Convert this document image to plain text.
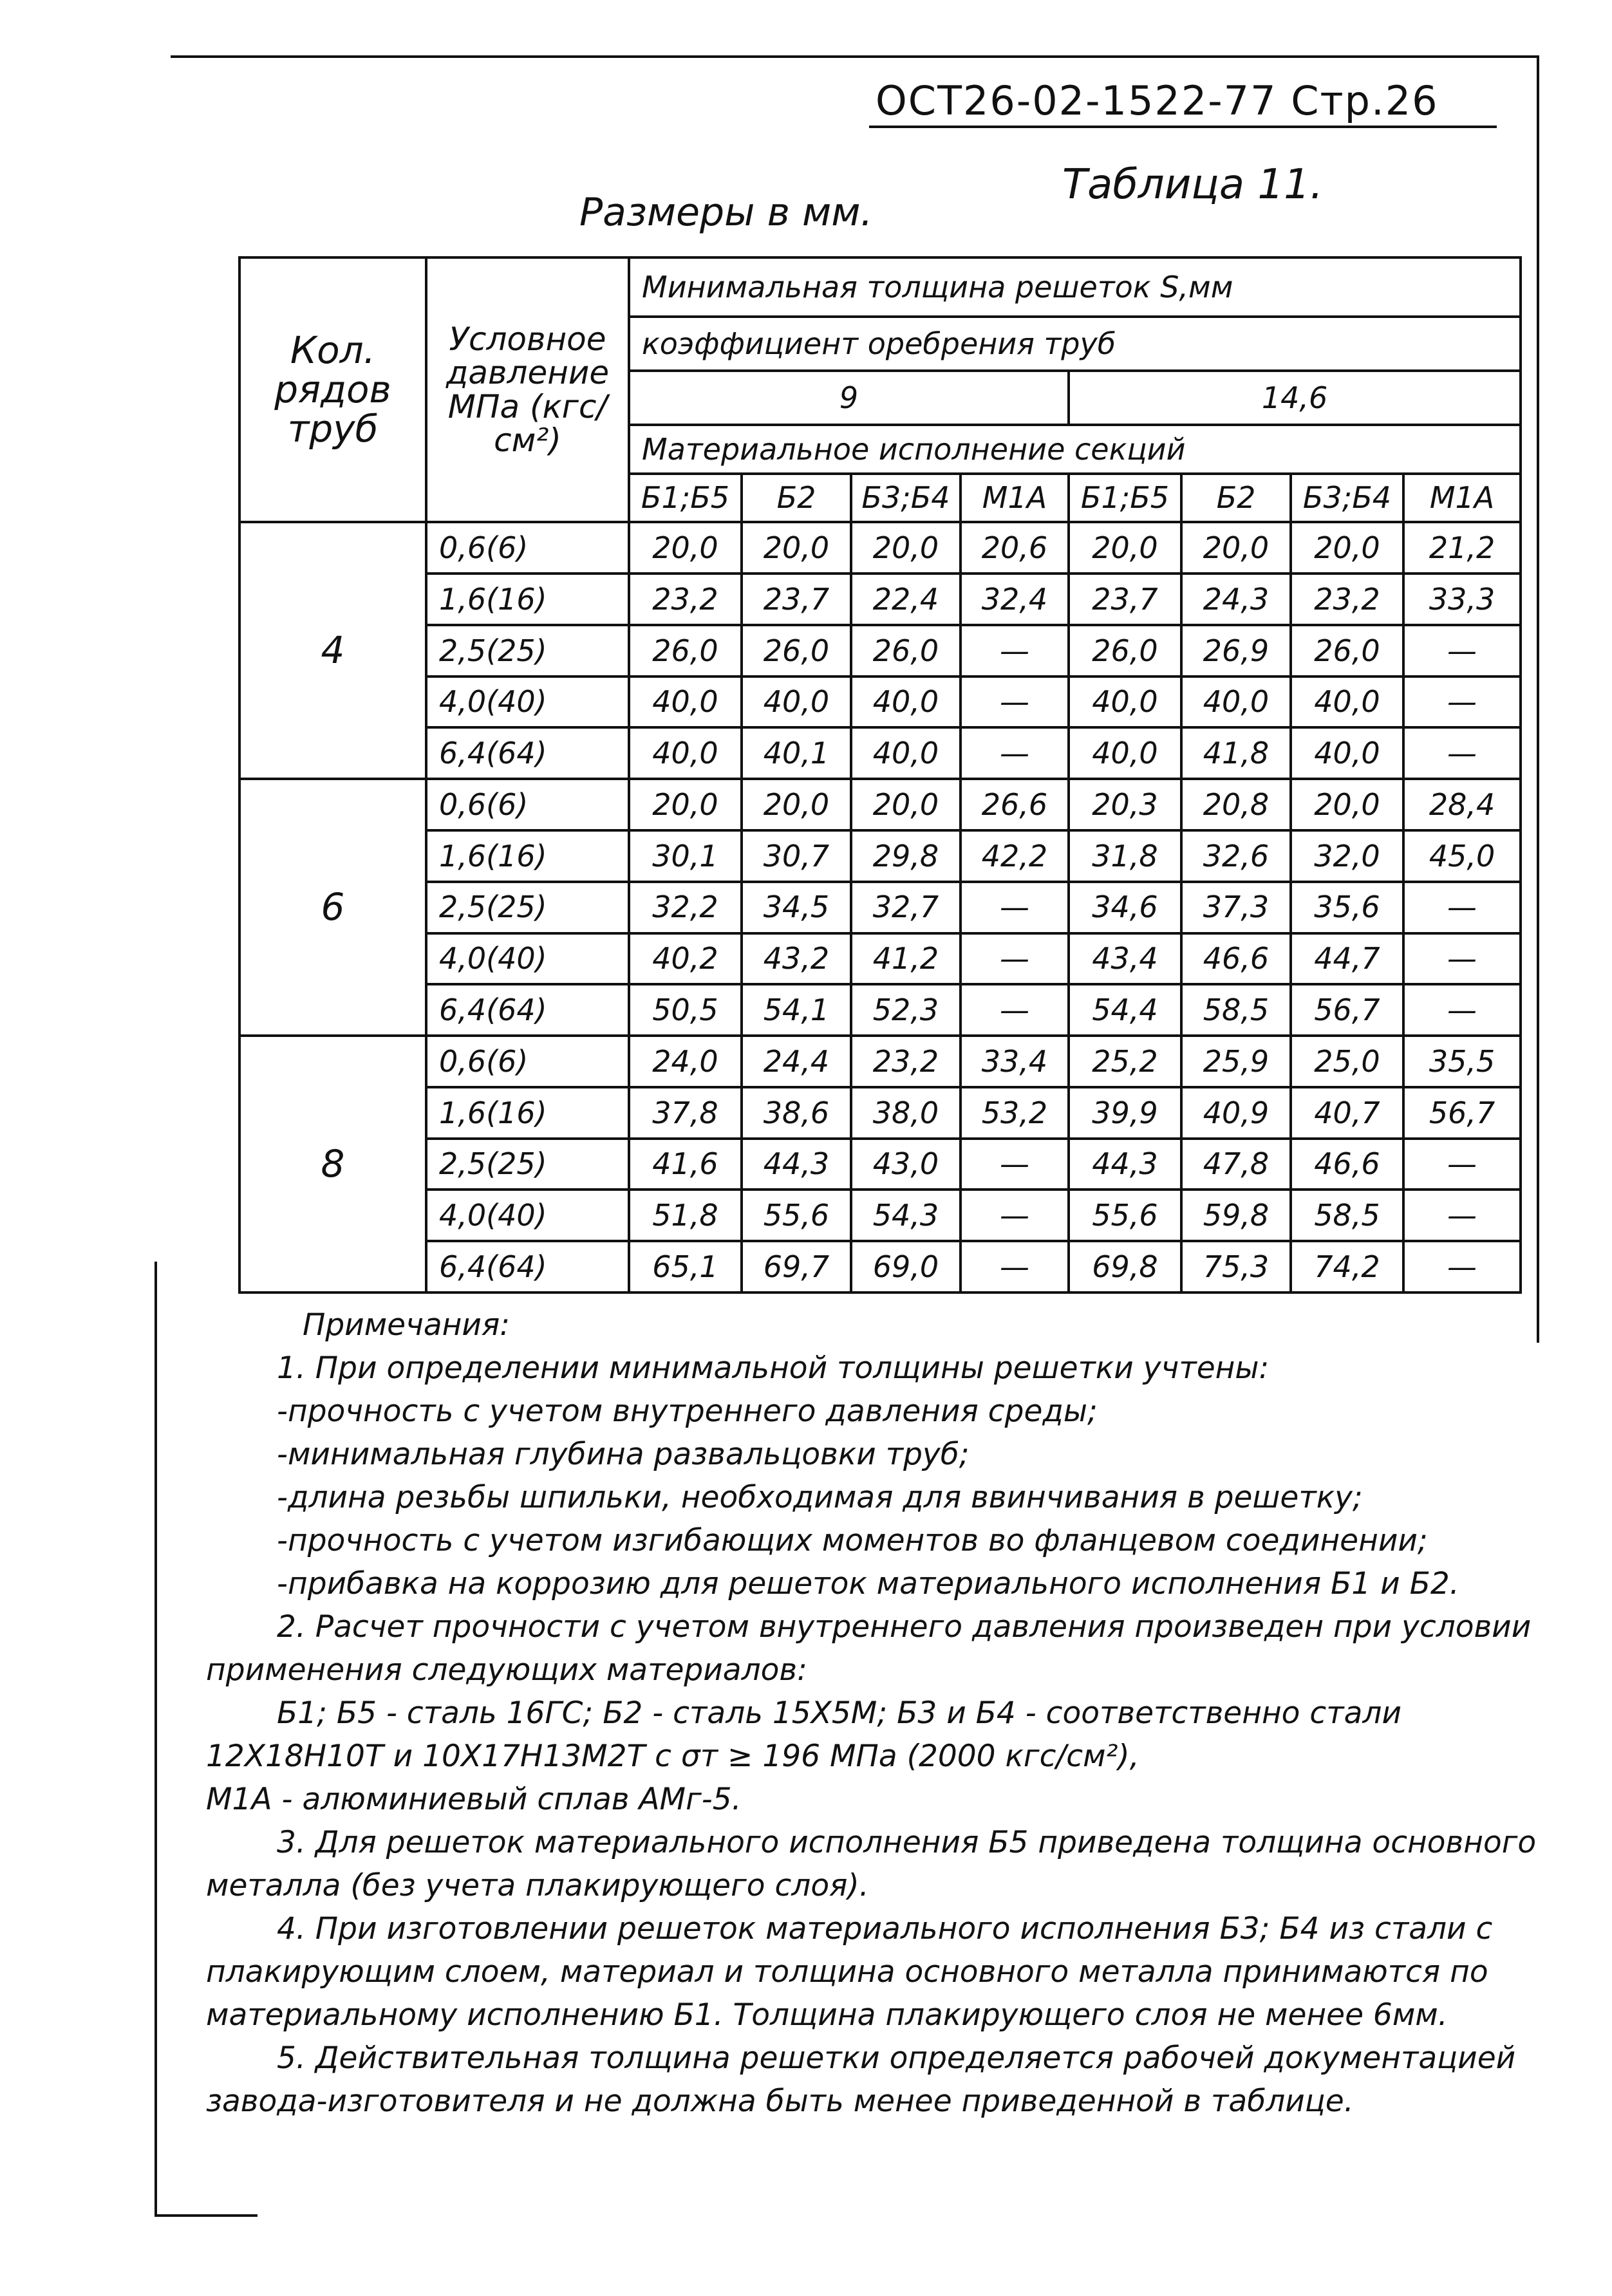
ОСТ26-02-1522-77 Стр.26
Таблица 11.
Размеры в мм.
Кол. рядов труб	Условное давление МПа (кгс/см²)	Минимальная толщина решеток S,мм							
		коэффициент оребрения труб							
		9				14,6			
		Материальное исполнение секций							
		Б1;Б5	Б2	Б3;Б4	М1А	Б1;Б5	Б2	Б3;Б4	М1А
4	0,6(6)	20,0	20,0	20,0	20,6	20,0	20,0	20,0	21,2
	1,6(16)	23,2	23,7	22,4	32,4	23,7	24,3	23,2	33,3
	2,5(25)	26,0	26,0	26,0	—	26,0	26,9	26,0	—
	4,0(40)	40,0	40,0	40,0	—	40,0	40,0	40,0	—
	6,4(64)	40,0	40,1	40,0	—	40,0	41,8	40,0	—
6	0,6(6)	20,0	20,0	20,0	26,6	20,3	20,8	20,0	28,4
	1,6(16)	30,1	30,7	29,8	42,2	31,8	32,6	32,0	45,0
	2,5(25)	32,2	34,5	32,7	—	34,6	37,3	35,6	—
	4,0(40)	40,2	43,2	41,2	—	43,4	46,6	44,7	—
	6,4(64)	50,5	54,1	52,3	—	54,4	58,5	56,7	—
8	0,6(6)	24,0	24,4	23,2	33,4	25,2	25,9	25,0	35,5
	1,6(16)	37,8	38,6	38,0	53,2	39,9	40,9	40,7	56,7
	2,5(25)	41,6	44,3	43,0	—	44,3	47,8	46,6	—
	4,0(40)	51,8	55,6	54,3	—	55,6	59,8	58,5	—
	6,4(64)	65,1	69,7	69,0	—	69,8	75,3	74,2	—
Примечания:

1. При определении минимальной толщины решетки учтены:

-прочность с учетом внутреннего давления среды;

-минимальная глубина развальцовки труб;

-длина резьбы шпильки, необходимая для ввинчивания в решетку;

-прочность с учетом изгибающих моментов во фланцевом соединении;

-прибавка на коррозию для решеток материального исполнения Б1 и Б2.

2. Расчет прочности с учетом внутреннего давления произведен при условии применения следующих материалов:

Б1; Б5 - сталь 16ГС; Б2 - сталь 15Х5М; Б3 и Б4 - соответственно стали 12Х18Н10Т и 10Х17Н13М2Т с σт ≥ 196 МПа (2000 кгс/см²),

М1А - алюминиевый сплав АМг-5.

3. Для решеток материального исполнения Б5 приведена толщина основного металла (без учета плакирующего слоя).

4. При изготовлении решеток материального исполнения Б3; Б4 из стали с плакирующим слоем, материал и толщина основного металла принимаются по материальному исполнению Б1. Толщина плакирующего слоя не менее 6мм.

5. Действительная толщина решетки определяется рабочей документацией завода-изготовителя и не должна быть менее приведенной в таблице.
